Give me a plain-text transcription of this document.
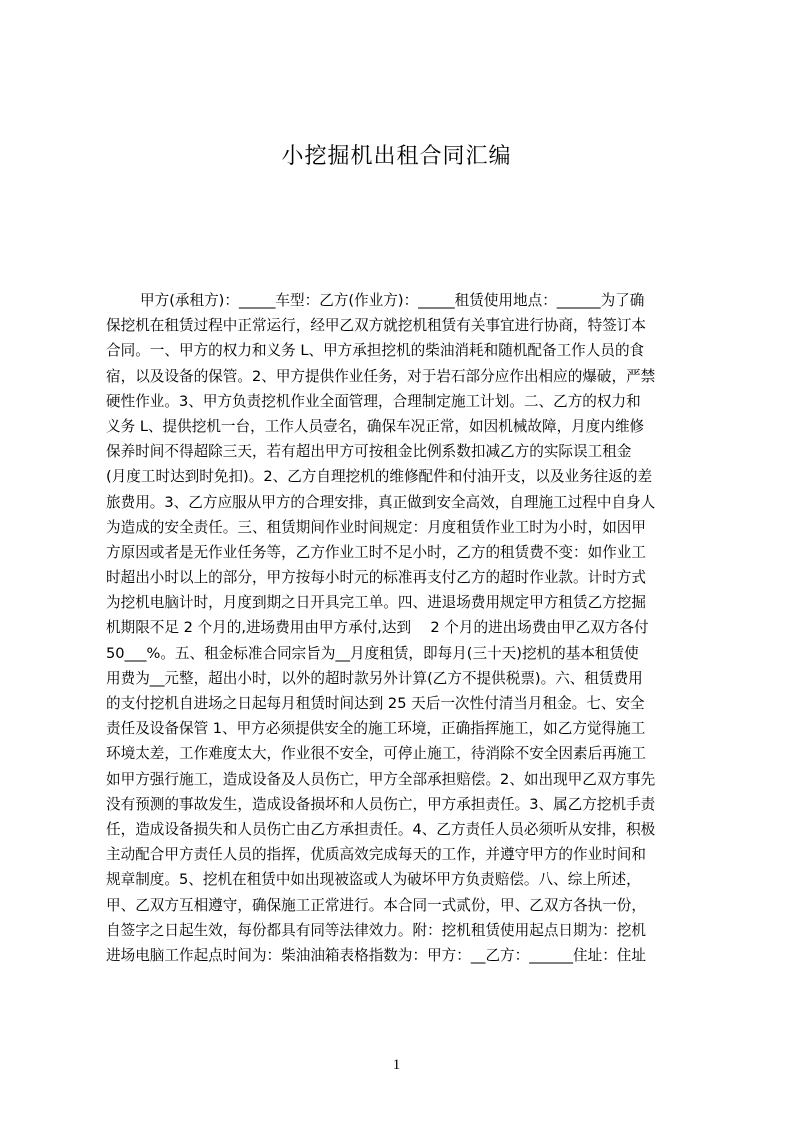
小挖掘机出租合同汇编
甲方(承租方)：_____车型：乙方(作业方)：_____租赁使用地点：______为了确
保挖机在租赁过程中正常运行，经甲乙双方就挖机租赁有关事宜进行协商，特签订本
合同。一、甲方的权力和义务 L、甲方承担挖机的柴油消耗和随机配备工作人员的食
宿，以及设备的保管。2、甲方提供作业任务，对于岩石部分应作出相应的爆破，严禁
硬性作业。3、甲方负责挖机作业全面管理，合理制定施工计划。二、乙方的权力和
义务 L、提供挖机一台，工作人员壹名，确保车况正常，如因机械故障，月度内维修
保养时间不得超除三天，若有超出甲方可按租金比例系数扣减乙方的实际误工租金
(月度工时达到时免扣)。2、乙方自理挖机的维修配件和付油开支，以及业务往返的差
旅费用。3、乙方应服从甲方的合理安排，真正做到安全高效，自理施工过程中自身人
为造成的安全责任。三、租赁期间作业时间规定：月度租赁作业工时为小时，如因甲
方原因或者是无作业任务等，乙方作业工时不足小时，乙方的租赁费不变：如作业工
时超出小时以上的部分，甲方按每小时元的标准再支付乙方的超时作业款。计时方式
为挖机电脑计时，月度到期之日开具完工单。四、进退场费用规定甲方租赁乙方挖掘
机期限不足 2 个月的,进场费用由甲方承付,达到　 2 个月的进出场费由甲乙双方各付
50___%。五、租金标准合同宗旨为__月度租赁，即每月(三十天)挖机的基本租赁使
用费为__元整，超出小时，以外的超时款另外计算(乙方不提供税票)。六、租赁费用
的支付挖机自进场之日起每月租赁时间达到 25 天后一次性付清当月租金。七、安全
责任及设备保管 1、甲方必须提供安全的施工环境，正确指挥施工，如乙方觉得施工
环境太差，工作难度太大，作业很不安全，可停止施工，待消除不安全因素后再施工
如甲方强行施工，造成设备及人员伤亡，甲方全部承担赔偿。2、如出现甲乙双方事先
没有预测的事故发生，造成设备损坏和人员伤亡，甲方承担责任。3、属乙方挖机手责
任，造成设备损失和人员伤亡由乙方承担责任。4、乙方责任人员必须听从安排，积极
主动配合甲方责任人员的指挥，优质高效完成每天的工作，并遵守甲方的作业时间和
规章制度。5、挖机在租赁中如出现被盗或人为破坏甲方负责赔偿。八、综上所述，
甲、乙双方互相遵守，确保施工正常进行。本合同一式贰份，甲、乙双方各执一份，
自签字之日起生效，每份都具有同等法律效力。附：挖机租赁使用起点日期为：挖机
进场电脑工作起点时间为：柴油油箱表格指数为：甲方：__乙方：______住址：住址
1
